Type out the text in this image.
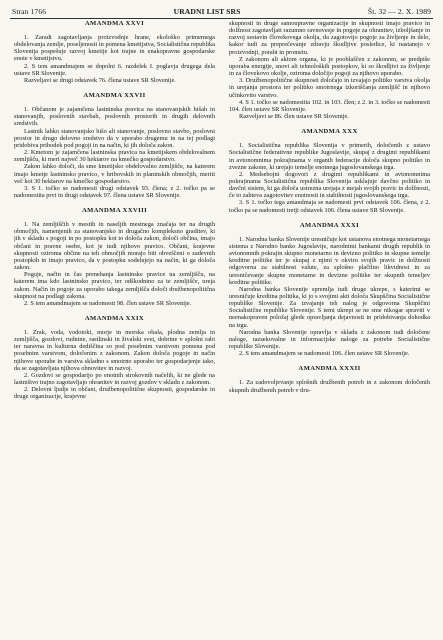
Stran 1766	URADNI LIST SRS	Št. 32 — 2. X. 1989
AMANDMA XXVI

1. Zaradi zagotavljanja proizvodnje hrane, ekološko primernega obdelovanja zemlje, poseljenosti in pomena kmetijstva, Socialistična republika Slovenija pospešuje razvoj kmetije kot trajne in enakopravne gospodarske enote v kmetijstvu.

2. S tem amandmajem se dopolni 6. razdelek I. poglavja drugega dela ustave SR Slovenije.

Razveljavi se drugi odstavek 76. člena ustave SR Slovenije.

AMANDMA XXVII

1. Občanom je zajamčena lastninska pravica na stanovanjskih hišah in stanovanjih, poslovnih stavbah, poslovnih prostorih in drugih delovnih sredstvih.

Lastnik lahko stanovanjsko hišo ali stanovanje, poslovno stavbo, poslovni prostor in drugo delovno sredstvo da v uporabo drugemu in na tej podlagi pridobiva prihodek pod pogoji in na način, ki jih določa zakon.

2. Kmetom je zajamčena lastninska pravica na kmetijskem obdelovalnem zemljišču, ki meri največ 30 hektarov na kmečko gospodarstvo.

Zakon lahko določi, da sme kmetijsko obdelovalno zemljišče, na katerem imajo kmetje lastninsko pravico, v hribovskih in planinskih območjih, meriti več kot 30 hektarov na kmečko gospodarstvo.

3. S 1. točko se nadomesti drugi odstavek 93. člena; z 2. točko pa se nadomestita prvi in drugi odstavek 97. člena ustave SR Slovenije.

AMANDMA XXVIII

1. Na zemljiščih v mestih in naseljih mestnega značaja ter na drugih območjih, namenjenih za stanovanjsko in drugačno kompleksno graditev, ki jih v skladu s pogoji in po postopku kot to določa zakon, določi občina, imajo občani in pravne osebe, kot je tudi njihovo pravico. Občani, krajevne skupnosti oziroma občine na teh območjih morajo biti obveščeni o zadevnih postopkih in imajo pravico, da v postopku sodelujejo na način, ki ga določa zakon.

Pogoje, način in čas prenehanja lastninske pravice na zemljišču, na katerem ima kdo lastninsko pravico, ter odškodnino za te zemljišče, ureja zakon. Način in pogoje za uporabo takega zemljišča določi družbenopolitična skupnost na podlagi zakona.

2. S tem amandmajem se nadomesti 98. člen ustave SR Slovenije.

AMANDMA XXIX

1. Zrak, voda, vodotoki, morje in morska obala, plodna zemlja in zemljišča, gozdovi, rudnine, rastlinski in živalski svet, dobrine v splošni rabi ter naravna in kulturna dediščina so pod posebnim varstvom pomena pod posebnim varstvom, določenim z zakonom. Zakon določa pogoje in način njihove uporabe in varstva skladno s smotrno uporabo ter gospodarjenje tako, da se zagotavljata njihova obnovitev in razvoj.

2. Gozdovi se gospodarijo po enotnih strokovnih načelih, ki ne glede na lastništvo trajno zagotavljajo ohranitev in razvoj gozdov v skladu z zakonom.

2. Delovni ljudje in občani, družbenopolitične skupnosti, gospodarske in druge organizacije, krajevne

skupnosti in druge samoupravne organizacije in skupnosti imajo pravico in dolžnost zagotavljati razumno ravnovesje in pogoje za ohranitev, izboljšanje in razvoj sestavin človekovega okolja, da zagotovijo pogoje za življenje in delo, kakor tudi za preprečevanje zdravju škodljive posledice, ki nastanejo v proizvodnji, porabi in prometu.

Z zakonom ali aktom organa, ki je pooblaščen z zakonom, se predpiše uporaba energije, snovi ali tehnoloških postopkov, ki so škodljivi za življenje in za človekovo okolje, oziroma določijo pogoji za njihovo uporabo.

3. Družbenopolitične skupnosti določajo in izvajajo politiko varstva okolja in urejanja prostora ter politiko smotrnega izkoriščanja zemljišč in njihovo učinkovito varstvo.

4. S 1. točko se nadomestita 102. in 103. člen; z 2. in 3. točko se nadomesti 104. člen ustave SR Slovenije.

Razveljavi se 86. člen ustave SR Slovenije.

AMANDMA XXX

1. Socialistična republika Slovenija v primerih, določenih z ustavo Socialistične federativne republike Jugoslavije, skupaj z drugimi republikami in avtonomnima pokrajinama v organih federacije določa skupno politiko in zvezne zakone, ki urejajo temelje enotnega jugoslovanskega trga.

2. Medsebojni dogovori z drugimi republikami in avtonomnima pokrajinama Socialistična republika Slovenija usklajuje davčno politiko in davčni sistem, ki ga določa ustrezna urejaja z mejah svojih pravic in dolžnosti, če to zahteva zagotovitev enotnosti in stabilnosti jugoslovanskega trga.

3. S 1. točko tega amandmaja se nadomesti prvi odstavek 106. člena, z 2. točko pa se nadomesti tretji odstavek 106. člena ustave SR Slovenije.

AMANDMA XXXI

1. Narodna banka Slovenije uresničuje kot ustanova enotnega monetarnega sistema z Narodno banko Jugoslavije, narodnimi bankami drugih republik in avtonomnih pokrajin skupno monetarno in devizno politiko in skupne temelje kreditne politike ter je skupaj z njimi v okviru svojih pravic in dolžnosti odgovorna za stabilnost valute, za splošno plačilno likvidnost in za uresničevanje skupne monetarne in devizne politike ter skupnih temeljev kreditne politike.

Narodna banka Slovenije spremlja tudi druge ukrepe, s katerimi se uresničuje kreditna politika, ki jo s svojimi akti določa Skupščina Socialistične republike Slovenije. Za izvajanje teh nalog je odgovorna Skupščini Socialistične republike Slovenije. S temi ukrepi se ne sme nikogar spraviti v neenakopraven položaj glede opravljanja dejavnosti in pridobivanja dohodka na trgu.

Narodna banka Slovenije opravlja v skladu z zakonom tudi določene naloge, razsekovalne in informacijske naloge za potrebe Socialistične republike Slovenije.

2. S tem amandmajem se nadomesti 106. člen ustave SR Slovenije.

AMANDMA XXXII

1. Za zadovoljevanje splošnih družbenih potreb in z zakonom določenih skupnih družbenih potreb v dru-
